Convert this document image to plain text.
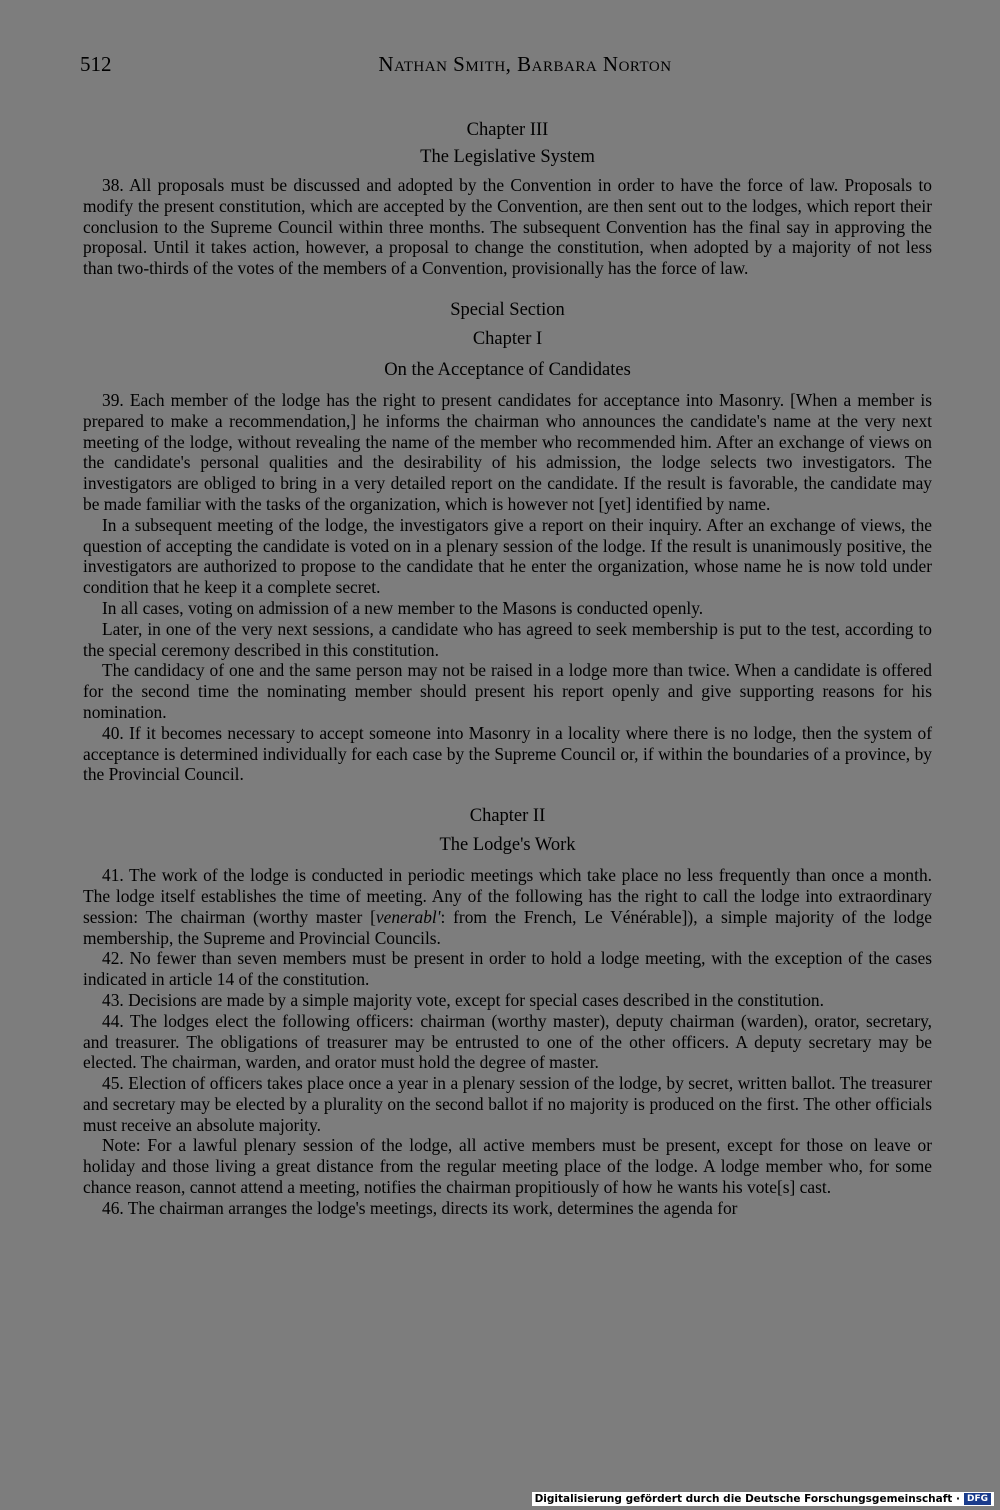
512	Nathan Smith, Barbara Norton
Chapter III
The Legislative System

38. All proposals must be discussed and adopted by the Convention in order to have the force of law. Proposals to modify the present constitution, which are accepted by the Convention, are then sent out to the lodges, which report their conclusion to the Supreme Council within three months. The subsequent Convention has the final say in approving the proposal. Until it takes action, however, a proposal to change the constitution, when adopted by a majority of not less than two-thirds of the votes of the members of a Convention, provisionally has the force of law.

Special Section
Chapter I
On the Acceptance of Candidates

39. Each member of the lodge has the right to present candidates for acceptance into Masonry. [When a member is prepared to make a recommendation,] he informs the chairman who announces the candidate's name at the very next meeting of the lodge, without revealing the name of the member who recommended him. After an exchange of views on the candidate's personal qualities and the desirability of his admission, the lodge selects two investigators. The investigators are obliged to bring in a very detailed report on the candidate. If the result is favorable, the candidate may be made familiar with the tasks of the organization, which is however not [yet] identified by name.

In a subsequent meeting of the lodge, the investigators give a report on their inquiry. After an exchange of views, the question of accepting the candidate is voted on in a plenary session of the lodge. If the result is unanimously positive, the investigators are authorized to propose to the candidate that he enter the organization, whose name he is now told under condition that he keep it a complete secret.

In all cases, voting on admission of a new member to the Masons is conducted openly.

Later, in one of the very next sessions, a candidate who has agreed to seek membership is put to the test, according to the special ceremony described in this constitution.

The candidacy of one and the same person may not be raised in a lodge more than twice. When a candidate is offered for the second time the nominating member should present his report openly and give supporting reasons for his nomination.

40. If it becomes necessary to accept someone into Masonry in a locality where there is no lodge, then the system of acceptance is determined individually for each case by the Supreme Council or, if within the boundaries of a province, by the Provincial Council.

Chapter II
The Lodge's Work

41. The work of the lodge is conducted in periodic meetings which take place no less frequently than once a month. The lodge itself establishes the time of meeting. Any of the following has the right to call the lodge into extraordinary session: The chairman (worthy master [venerabl': from the French, Le Vénérable]), a simple majority of the lodge membership, the Supreme and Provincial Councils.

42. No fewer than seven members must be present in order to hold a lodge meeting, with the exception of the cases indicated in article 14 of the constitution.

43. Decisions are made by a simple majority vote, except for special cases described in the constitution.

44. The lodges elect the following officers: chairman (worthy master), deputy chairman (warden), orator, secretary, and treasurer. The obligations of treasurer may be entrusted to one of the other officers. A deputy secretary may be elected. The chairman, warden, and orator must hold the degree of master.

45. Election of officers takes place once a year in a plenary session of the lodge, by secret, written ballot. The treasurer and secretary may be elected by a plurality on the second ballot if no majority is produced on the first. The other officials must receive an absolute majority.

Note: For a lawful plenary session of the lodge, all active members must be present, except for those on leave or holiday and those living a great distance from the regular meeting place of the lodge. A lodge member who, for some chance reason, cannot attend a meeting, notifies the chairman propitiously of how he wants his vote[s] cast.

46. The chairman arranges the lodge's meetings, directs its work, determines the agenda for

Digitalisierung gefördert durch die Deutsche Forschungsgemeinschaft · DFG
